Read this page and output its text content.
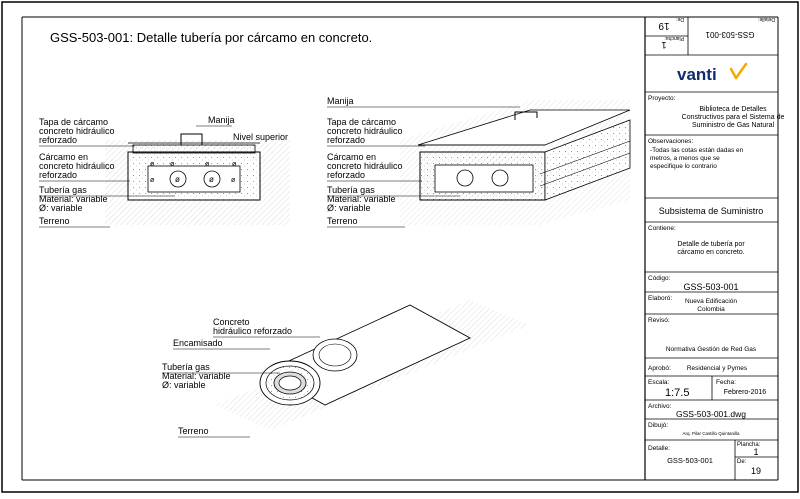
GSS-503-001: Detalle tubería por cárcamo en concreto.
ø	ø
ø	ø
ø	ø
ø	ø
Manija
Tapa de cárcamo
concreto hidráulico
reforzado	Nivel superior
Cárcamo en
concreto hidráulico
reforzado
Tubería gas
Material: variable
Ø: variable
Terreno
Manija
Tapa de cárcamo
concreto hidráulico
reforzado
Cárcamo en
concreto hidráulico
reforzado
Tubería gas
Material: variable
Ø: variable
Terreno
Concreto
hidráulico reforzado
Encamisado
Tubería gas
Material: variable
Ø: variable
Terreno
19
1
GSS-503-001
De:
Plancha:
Detalle:
vanti
Proyecto:
Biblioteca de Detalles
Constructivos para el Sistema de
Suministro de Gas Natural
Observaciones:
-Todas las cotas están dadas en
metros, a menos que se
especifique lo contrario
Subsistema de Suministro
Contiene:
Detalle de tubería por
cárcamo en concreto.
Código:
GSS-503-001
Elaboró: Nueva Edificación
Colombia
Revisó:
Normativa Gestión de Red Gas
Aprobó: Residencial y Pymes
Escala:
1:7.5
Fecha:
Febrero-2016
Archivo:
GSS-503-001.dwg
Dibujó:
Arq. Pilar Castillo Quintanilla
Detalle:
GSS-503-001
Plancha:
1
De:
19
